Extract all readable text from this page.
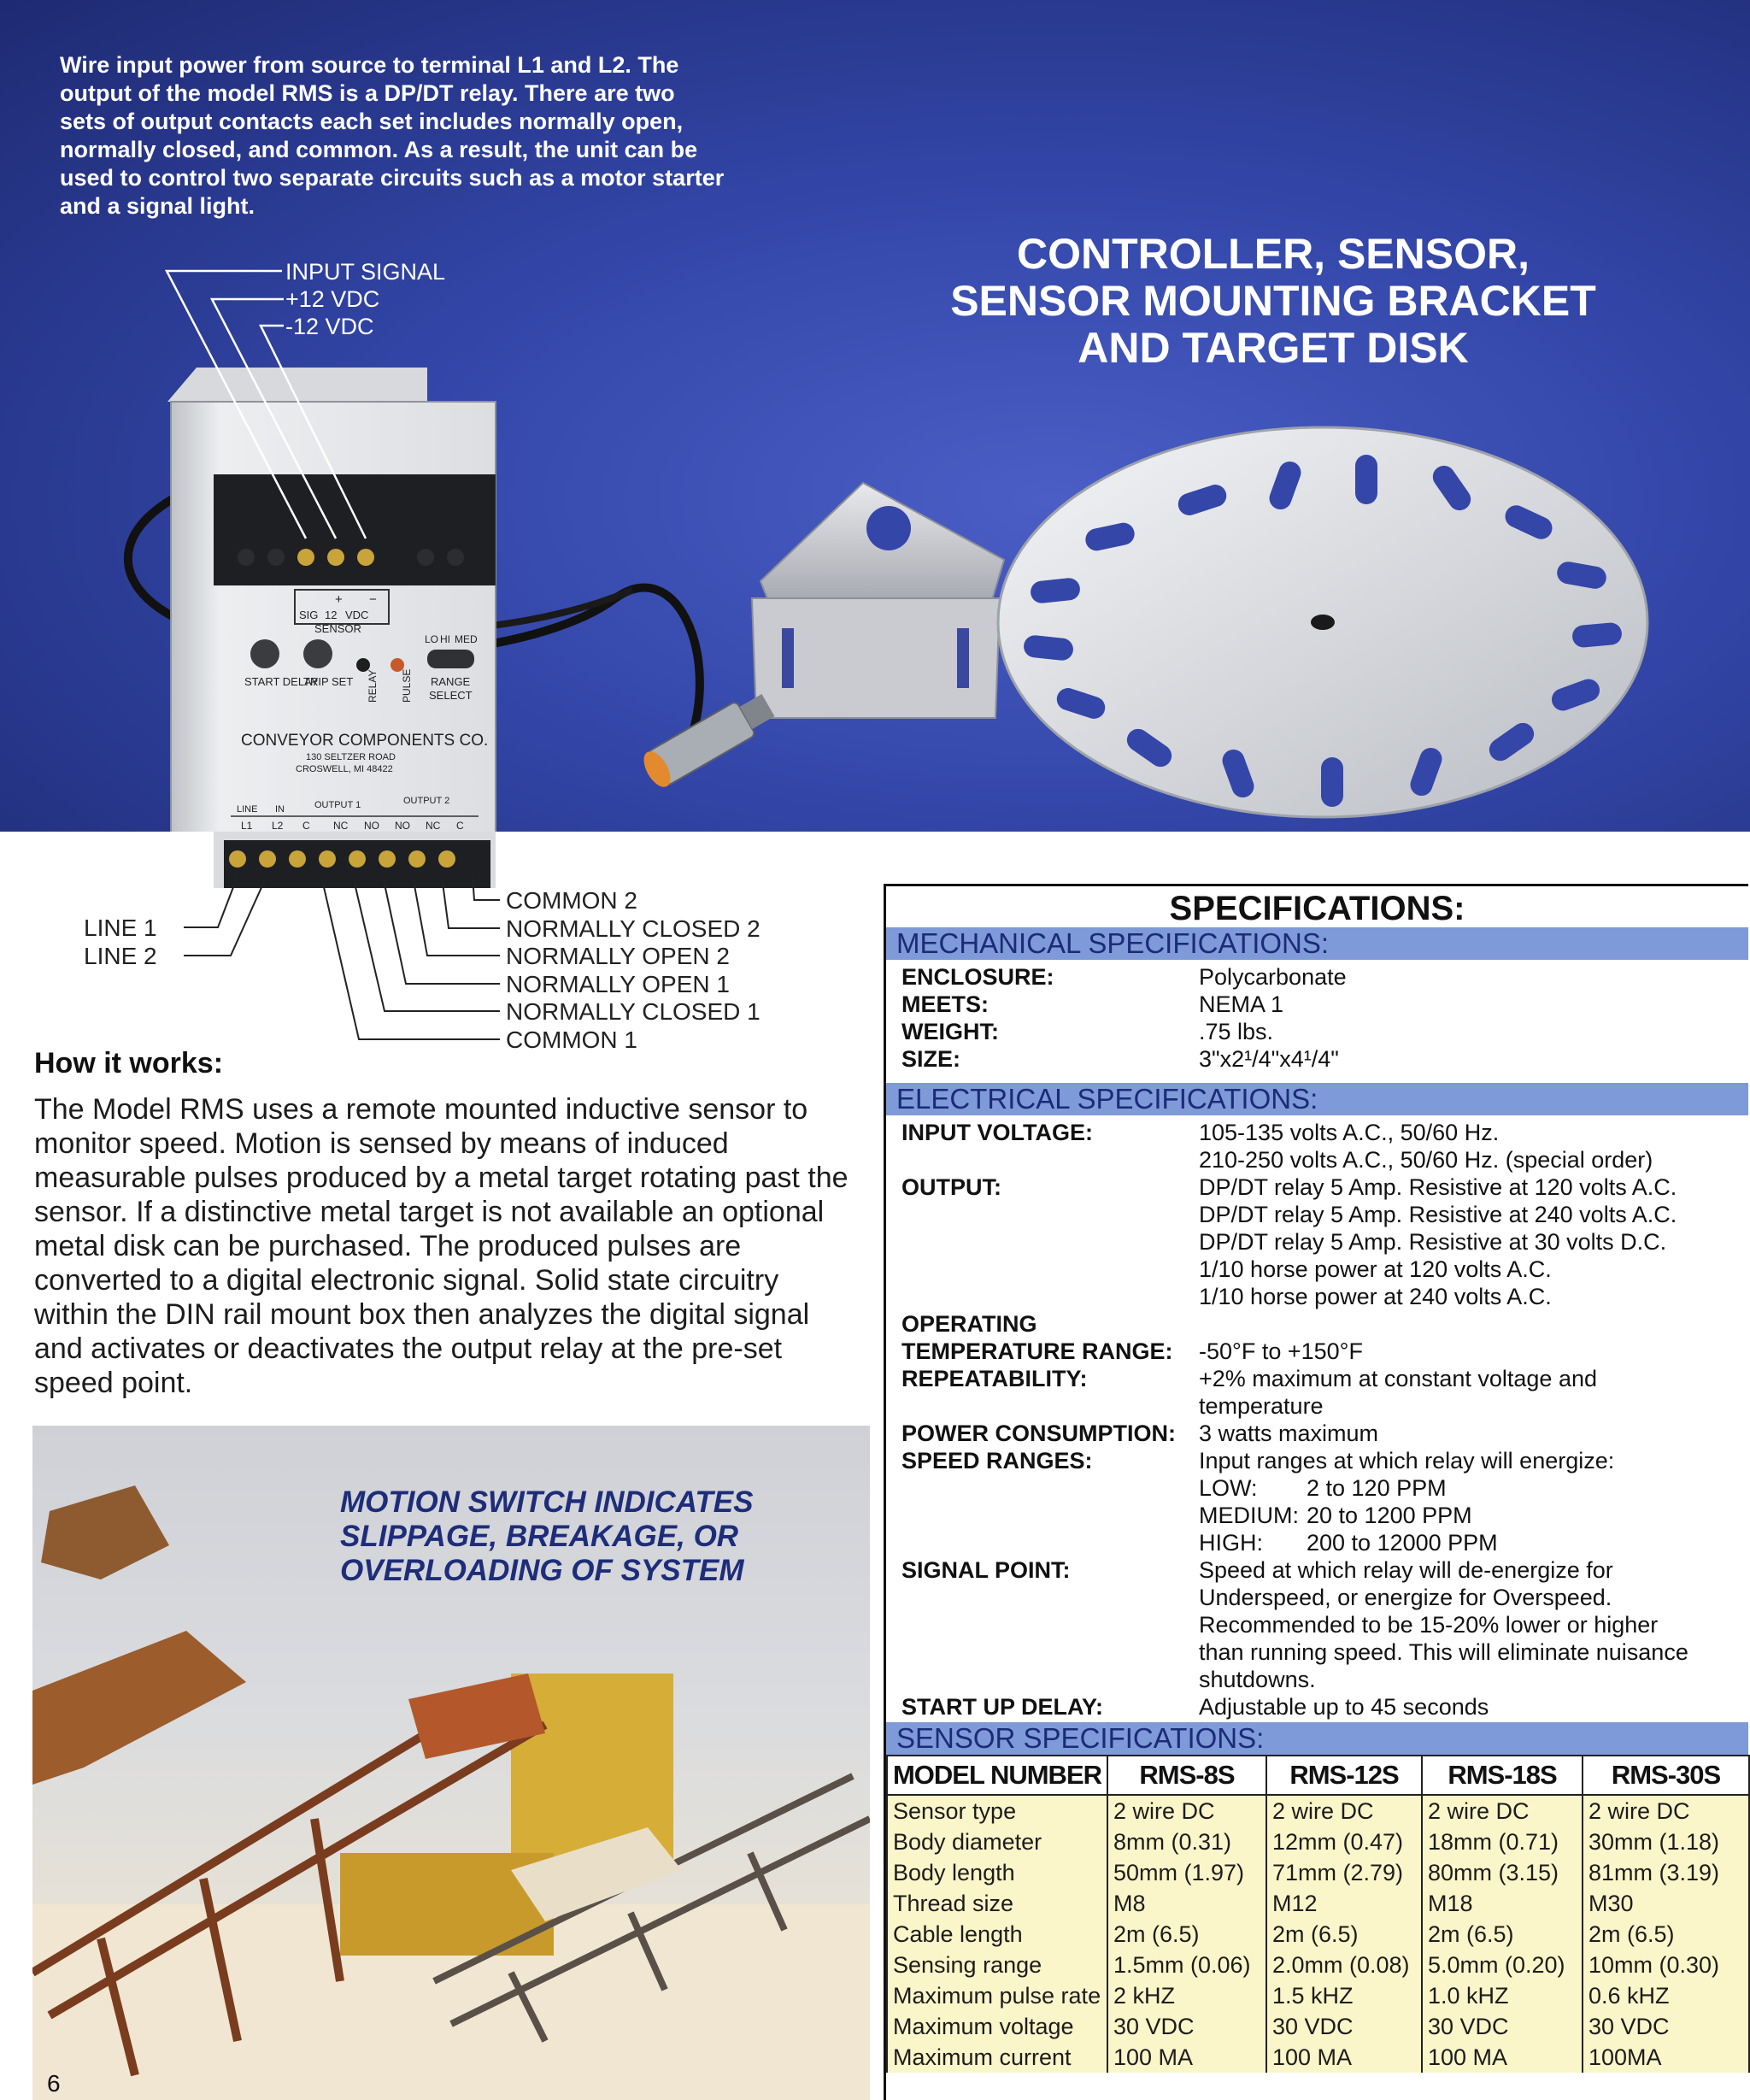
Wire input power from source to terminal L1 and L2. The output of the model RMS is a DP/DT relay. There are two sets of output contacts each set includes normally open, normally closed, and common. As a result, the unit can be used to control two separate circuits such as a motor starter and a signal light.

SIG
+
12 VDC
−
SENSOR
START DELAY
TRIP SET RELAY PULSE
LO HI MED
RANGE
SELECT
CONVEYOR COMPONENTS CO.
130 SELTZER ROAD
CROSWELL, MI 48422
LINE IN	OUTPUT 1	OUTPUT 2
L1 L2 C NC NO NO NC C
INPUT SIGNAL
+12 VDC
-12 VDC
CONTROLLER, SENSOR,
SENSOR MOUNTING BRACKET
AND TARGET DISK
LINE 1
LINE 2
COMMON 2
NORMALLY CLOSED 2
NORMALLY OPEN 2
NORMALLY OPEN 1
NORMALLY CLOSED 1
COMMON 1
How it works:

The Model RMS uses a remote mounted inductive sensor to monitor speed. Motion is sensed by means of induced measurable pulses produced by a metal target rotating past the sensor. If a distinctive metal target is not available an optional metal disk can be purchased. The produced pulses are converted to a digital electronic signal. Solid state circuitry within the DIN rail mount box then analyzes the digital signal and activates or deactivates the output relay at the pre-set speed point.

MOTION SWITCH INDICATES
SLIPPAGE, BREAKAGE, OR
OVERLOADING OF SYSTEM

6

SPECIFICATIONS:
MECHANICAL SPECIFICATIONS:
ENCLOSURE:	Polycarbonate
MEETS:	NEMA 1
WEIGHT:	.75 lbs.
SIZE:	3"x2¹/4"x4¹/4"
ELECTRICAL SPECIFICATIONS:
INPUT VOLTAGE:	105-135 volts A.C., 50/60 Hz.
210-250 volts A.C., 50/60 Hz. (special order)
OUTPUT:	DP/DT relay 5 Amp. Resistive at 120 volts A.C.
DP/DT relay 5 Amp. Resistive at 240 volts A.C.
DP/DT relay 5 Amp. Resistive at 30 volts D.C.
1/10 horse power at 120 volts A.C.
1/10 horse power at 240 volts A.C.
OPERATING
TEMPERATURE RANGE:	-50°F to +150°F
REPEATABILITY:	+2% maximum at constant voltage and
temperature
POWER CONSUMPTION:	3 watts maximum
SPEED RANGES:	Input ranges at which relay will energize:
LOW:	2 to 120 PPM
MEDIUM: 20 to 1200 PPM
HIGH:	200 to 12000 PPM
SIGNAL POINT:	Speed at which relay will de-energize for
Underspeed, or energize for Overspeed.
Recommended to be 15-20% lower or higher
than running speed. This will eliminate nuisance
shutdowns.
START UP DELAY:	Adjustable up to 45 seconds
SENSOR SPECIFICATIONS:
MODEL NUMBER	RMS-8S	RMS-12S	RMS-18S	RMS-30S
Sensor type	2 wire DC	2 wire DC	2 wire DC	2 wire DC
Body diameter	8mm (0.31)	12mm (0.47)	18mm (0.71)	30mm (1.18)
Body length	50mm (1.97)	71mm (2.79)	80mm (3.15)	81mm (3.19)
Thread size	M8	M12	M18	M30
Cable length	2m (6.5)	2m (6.5)	2m (6.5)	2m (6.5)
Sensing range	1.5mm (0.06)	2.0mm (0.08)	5.0mm (0.20)	10mm (0.30)
Maximum pulse rate	2 kHZ	1.5 kHZ	1.0 kHZ	0.6 kHZ
Maximum voltage	30 VDC	30 VDC	30 VDC	30 VDC
Maximum current	100 MA	100 MA	100 MA	100MA
